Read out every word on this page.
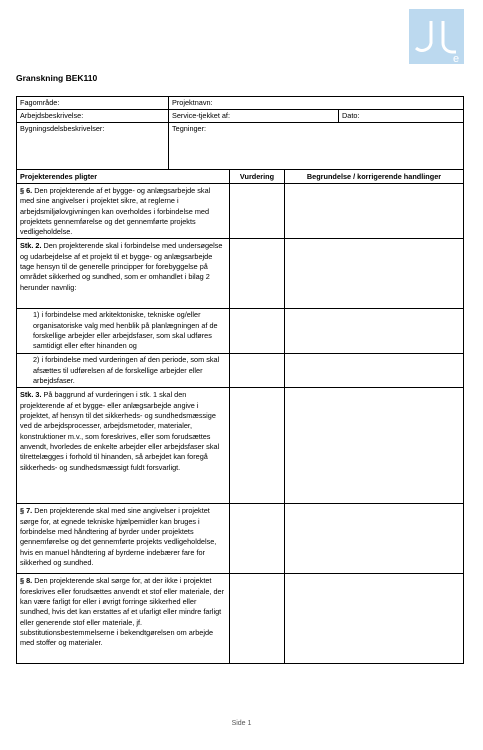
e
Granskning BEK110
Fagområde:	Projektnavn:	
Arbejdsbeskrivelse:	Service-tjekket af:	Dato:
Bygningsdelsbeskrivelser:	Tegninger:	
Projekterendes pligter	Vurdering	Begrundelse / korrigerende handlinger
§ 6. Den projekterende af et bygge- og anlægsarbejde skal med sine angivelser i projektet sikre, at reglerne i arbejdsmiljølovgivningen kan overholdes i forbindelse med projektets gennemførelse og det gennemførte projekts vedligeholdelse.		
Stk. 2. Den projekterende skal i forbindelse med undersøgelse og udarbejdelse af et projekt til et bygge- og anlægsarbejde tage hensyn til de generelle principper for forebyggelse på området sikkerhed og sundhed, som er omhandlet i bilag 2 herunder navnlig:		
1) i forbindelse med arkitektoniske, tekniske og/eller organisatoriske valg med henblik på planlægningen af de forskellige arbejder eller arbejdsfaser, som skal udføres samtidigt eller efter hinanden og		
2) i forbindelse med vurderingen af den periode, som skal afsættes til udførelsen af de forskellige arbejder eller arbejdsfaser.		
Stk. 3. På baggrund af vurderingen i stk. 1 skal den projekterende af et bygge- eller anlægsarbejde angive i projektet, af hensyn til det sikkerheds- og sundhedsmæssige ved de arbejdsprocesser, arbejdsmetoder, materialer, konstruktioner m.v., som foreskrives, eller som forudsættes anvendt, hvorledes de enkelte arbejder eller arbejdsfaser skal tilrettelægges i forhold til hinanden, så arbejdet kan foregå sikkerheds- og sundhedsmæssigt fuldt forsvarligt.		
§ 7. Den projekterende skal med sine angivelser i projektet sørge for, at egnede tekniske hjælpemidler kan bruges i forbindelse med håndtering af byrder under projektets gennemførelse og det gennemførte projekts vedligeholdelse, hvis en manuel håndtering af byrderne indebærer fare for sikkerhed og sundhed.		
§ 8. Den projekterende skal sørge for, at der ikke i projektet foreskrives eller forudsættes anvendt et stof eller materiale, der kan være farligt for eller i øvrigt forringe sikkerhed eller sundhed, hvis det kan erstattes af et ufarligt eller mindre farligt eller generende stof eller materiale, jf. substitutionsbestemmelserne i bekendtgørelsen om arbejde med stoffer og materialer.		
Side 1
